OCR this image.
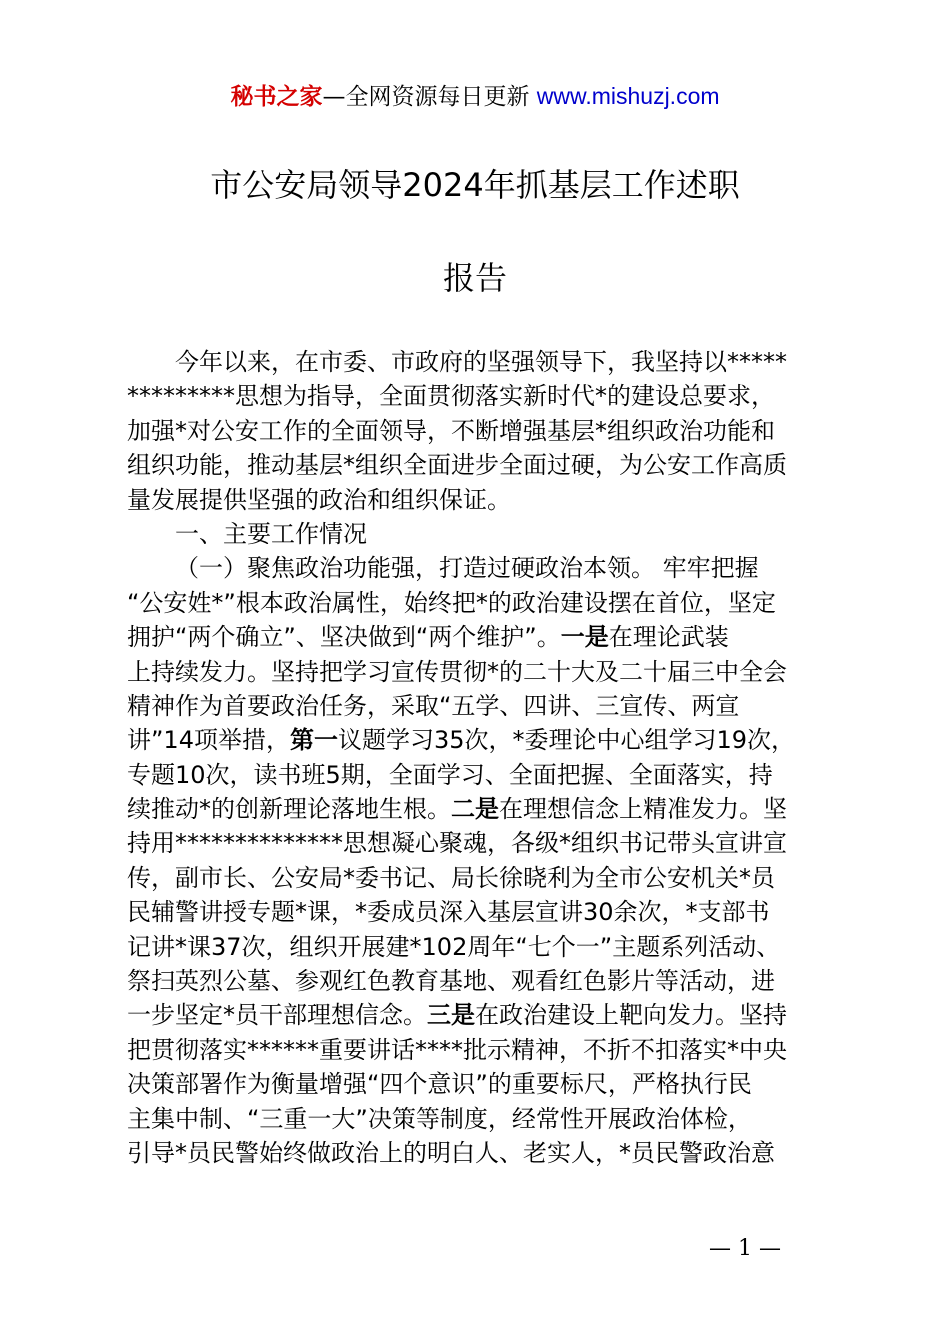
秘书之家—全网资源每日更新 www.mishuzj.com
市公安局领导2024年抓基层工作述职
报告
今年以来，在市委、市政府的坚强领导下，我坚持以*****
*********思想为指导，全面贯彻落实新时代*的建设总要求，
加强*对公安工作的全面领导，不断增强基层*组织政治功能和
组织功能，推动基层*组织全面进步全面过硬，为公安工作高质
量发展提供坚强的政治和组织保证。
一、主要工作情况
（一）聚焦政治功能强，打造过硬政治本领。 牢牢把握
“公安姓*”根本政治属性，始终把*的政治建设摆在首位，坚定
拥护“两个确立”、坚决做到“两个维护”。一是在理论武装
上持续发力。坚持把学习宣传贯彻*的二十大及二十届三中全会
精神作为首要政治任务，采取“五学、四讲、三宣传、两宣
讲”14项举措，第一议题学习35次，*委理论中心组学习19次，
专题10次，读书班5期，全面学习、全面把握、全面落实，持
续推动*的创新理论落地生根。二是在理想信念上精准发力。坚
持用**************思想凝心聚魂，各级*组织书记带头宣讲宣
传，副市长、公安局*委书记、局长徐晓利为全市公安机关*员
民辅警讲授专题*课，*委成员深入基层宣讲30余次，*支部书
记讲*课37次，组织开展建*102周年“七个一”主题系列活动、
祭扫英烈公墓、参观红色教育基地、观看红色影片等活动，进
一步坚定*员干部理想信念。三是在政治建设上靶向发力。坚持
把贯彻落实******重要讲话****批示精神，不折不扣落实*中央
决策部署作为衡量增强“四个意识”的重要标尺，严格执行民
主集中制、“三重一大”决策等制度，经常性开展政治体检，
引导*员民警始终做政治上的明白人、老实人，*员民警政治意
— 1 —
